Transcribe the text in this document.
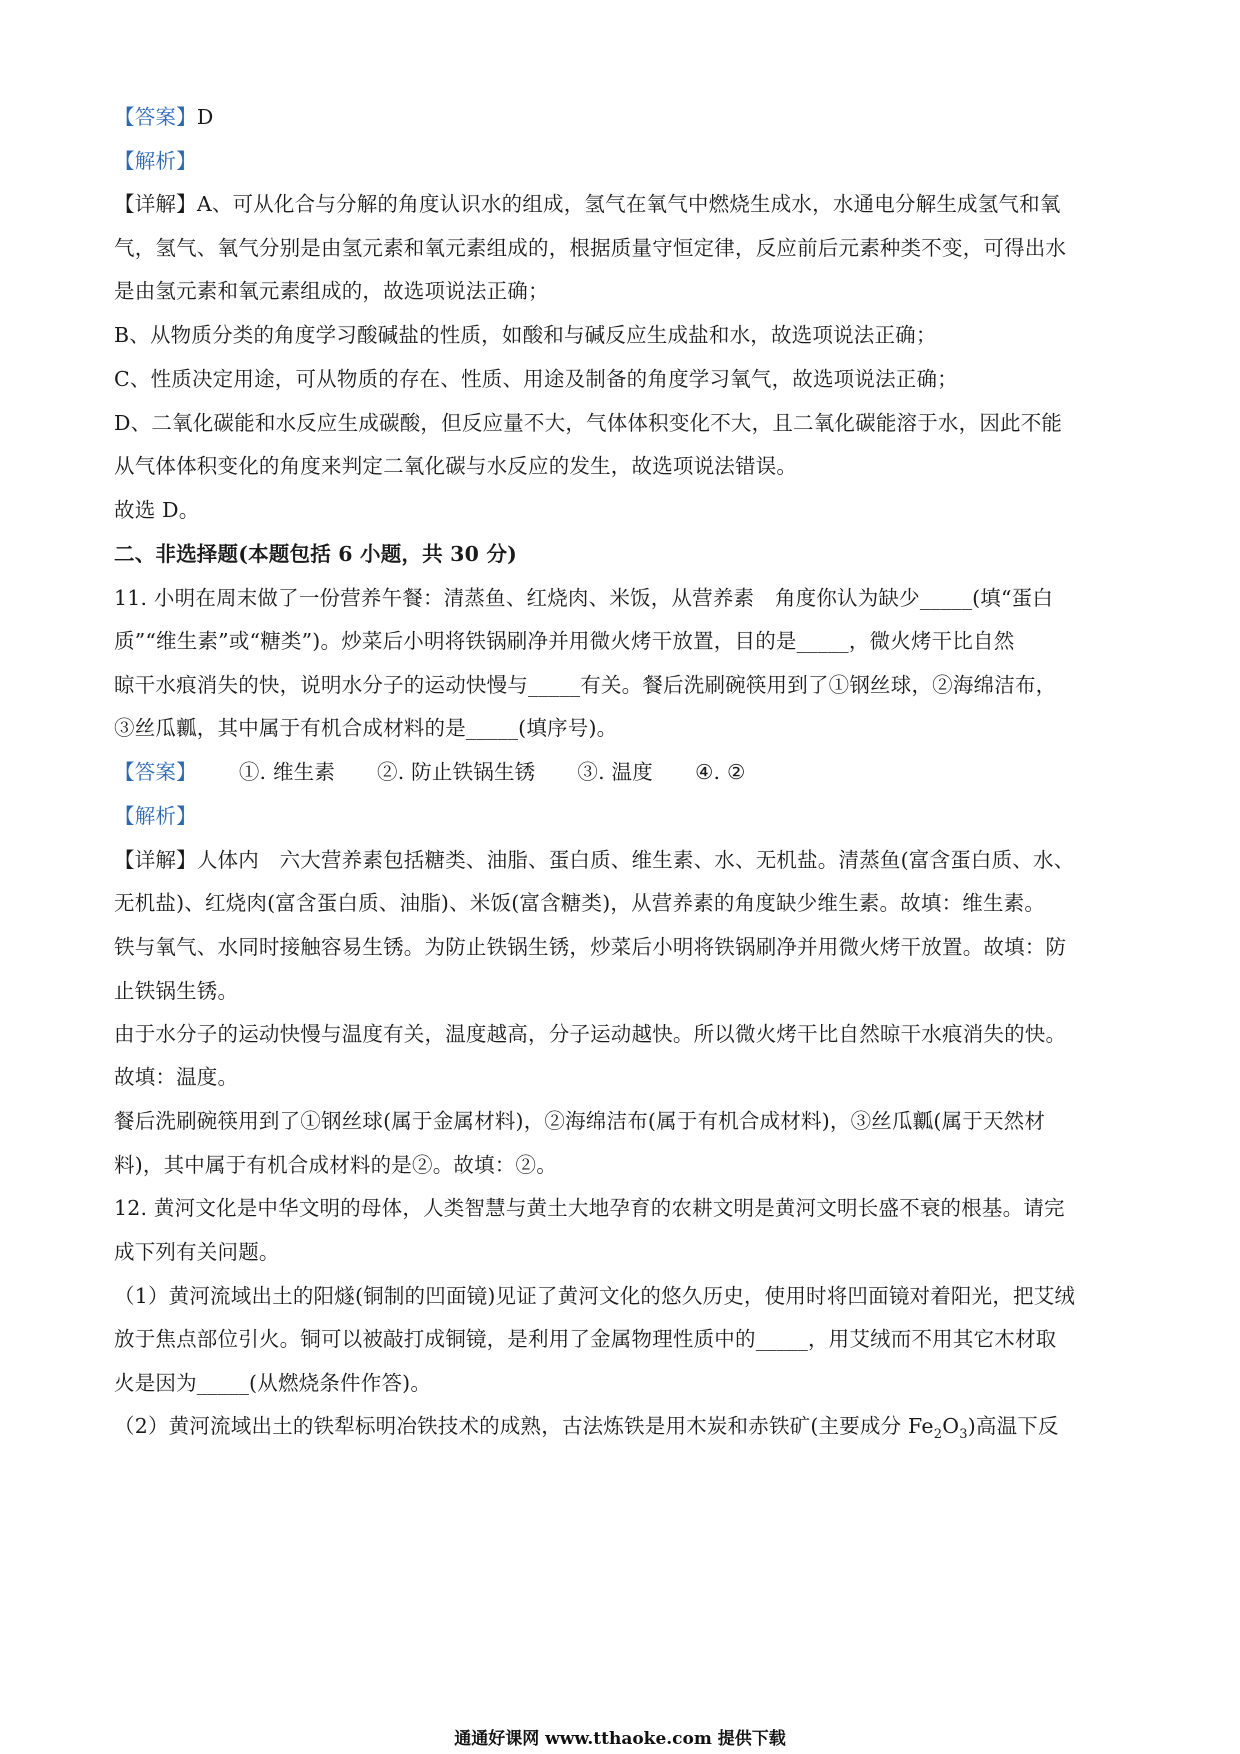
【答案】D
【解析】
【详解】A、可从化合与分解的角度认识水的组成，氢气在氧气中燃烧生成水，水通电分解生成氢气和氧
气，氢气、氧气分别是由氢元素和氧元素组成的，根据质量守恒定律，反应前后元素种类不变，可得出水
是由氢元素和氧元素组成的，故选项说法正确；
B、从物质分类的角度学习酸碱盐的性质，如酸和与碱反应生成盐和水，故选项说法正确；
C、性质决定用途，可从物质的存在、性质、用途及制备的角度学习氧气，故选项说法正确；
D、二氧化碳能和水反应生成碳酸，但反应量不大，气体体积变化不大，且二氧化碳能溶于水，因此不能
从气体体积变化的角度来判定二氧化碳与水反应的发生，故选项说法错误。
故选 D。
二、非选择题(本题包括 6 小题，共 30 分)
11. 小明在周末做了一份营养午餐：清蒸鱼、红烧肉、米饭，从营养素　角度你认为缺少_____(填“蛋白
质”“维生素”或“糖类”)。炒菜后小明将铁锅刷净并用微火烤干放置，目的是_____，微火烤干比自然
晾干水痕消失的快，说明水分子的运动快慢与_____有关。餐后洗刷碗筷用到了①钢丝球，②海绵洁布，
③丝瓜瓤，其中属于有机合成材料的是_____(填序号)。
【答案】 ①. 维生素 ②. 防止铁锅生锈 ③. 温度 ④. ②
【解析】
【详解】人体内　六大营养素包括糖类、油脂、蛋白质、维生素、水、无机盐。清蒸鱼(富含蛋白质、水、
无机盐)、红烧肉(富含蛋白质、油脂)、米饭(富含糖类)，从营养素的角度缺少维生素。故填：维生素。
铁与氧气、水同时接触容易生锈。为防止铁锅生锈，炒菜后小明将铁锅刷净并用微火烤干放置。故填：防
止铁锅生锈。
由于水分子的运动快慢与温度有关，温度越高，分子运动越快。所以微火烤干比自然晾干水痕消失的快。
故填：温度。
餐后洗刷碗筷用到了①钢丝球(属于金属材料)，②海绵洁布(属于有机合成材料)，③丝瓜瓤(属于天然材
料)，其中属于有机合成材料的是②。故填：②。
12. 黄河文化是中华文明的母体，人类智慧与黄土大地孕育的农耕文明是黄河文明长盛不衰的根基。请完
成下列有关问题。
（1）黄河流域出土的阳燧(铜制的凹面镜)见证了黄河文化的悠久历史，使用时将凹面镜对着阳光，把艾绒
放于焦点部位引火。铜可以被敲打成铜镜，是利用了金属物理性质中的_____，用艾绒而不用其它木材取
火是因为_____(从燃烧条件作答)。
（2）黄河流域出土的铁犁标明冶铁技术的成熟，古法炼铁是用木炭和赤铁矿(主要成分 $Fe_2O_3$)高温下反
通通好课网 www.tthaoke.com 提供下载
